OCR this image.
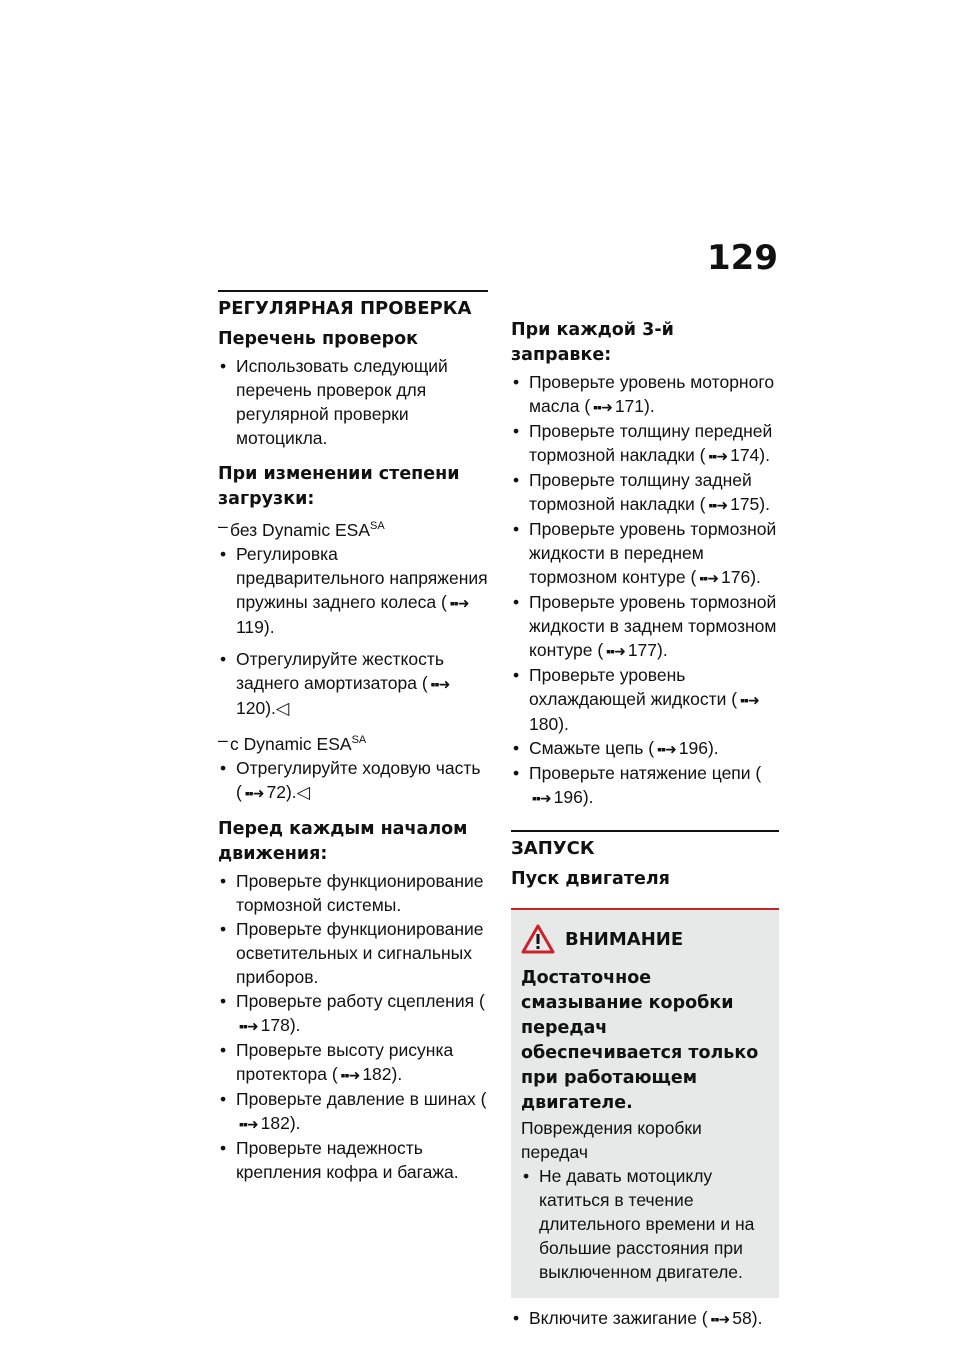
129
РЕГУЛЯРНАЯ ПРОВЕРКА
Перечень проверок
• Использовать следующий перечень проверок для регулярной проверки мотоцикла.
При изменении степени загрузки:
– без Dynamic $ESA^{SA}$
• Регулировка предварительного напряжения пружины заднего колеса ( ▪▪➜119).
• Отрегулируйте жесткость заднего амортизатора ( ▪▪➜120).◁
– с Dynamic $ESA^{SA}$
• Отрегулируйте ходовую часть ( ▪▪➜ 72).◁
Перед каждым началом движения:
• Проверьте функционирование тормозной системы.
• Проверьте функционирование осветительных и сигнальных приборов.
• Проверьте работу сцепления (▪▪➜ 178).
• Проверьте высоту рисунка протектора ( ▪▪➜ 182).
• Проверьте давление в шинах (▪▪➜ 182).
• Проверьте надежность крепления кофра и багажа.
При каждой 3-й заправке:
• Проверьте уровень моторного масла ( ▪▪➜ 171).
• Проверьте толщину передней тормозной накладки ( ▪▪➜ 174).
• Проверьте толщину задней тормозной накладки ( ▪▪➜ 175).
• Проверьте уровень тормозной жидкости в переднем тормозном контуре ( ▪▪➜ 176).
• Проверьте уровень тормозной жидкости в заднем тормозном контуре ( ▪▪➜ 177).
• Проверьте уровень охлаждающей жидкости ( ▪▪➜180).
• Смажьте цепь ( ▪▪➜ 196).
• Проверьте натяжение цепи (▪▪➜ 196).
ЗАПУСК
Пуск двигателя
ВНИМАНИЕ
Достаточное смазывание коробки передач обеспечивается только при работающем двигателе.
Повреждения коробки передач
• Не давать мотоциклу катиться в течение длительного времени и на большие расстояния при выключенном двигателе.
• Включите зажигание ( ▪▪➜ 58).
